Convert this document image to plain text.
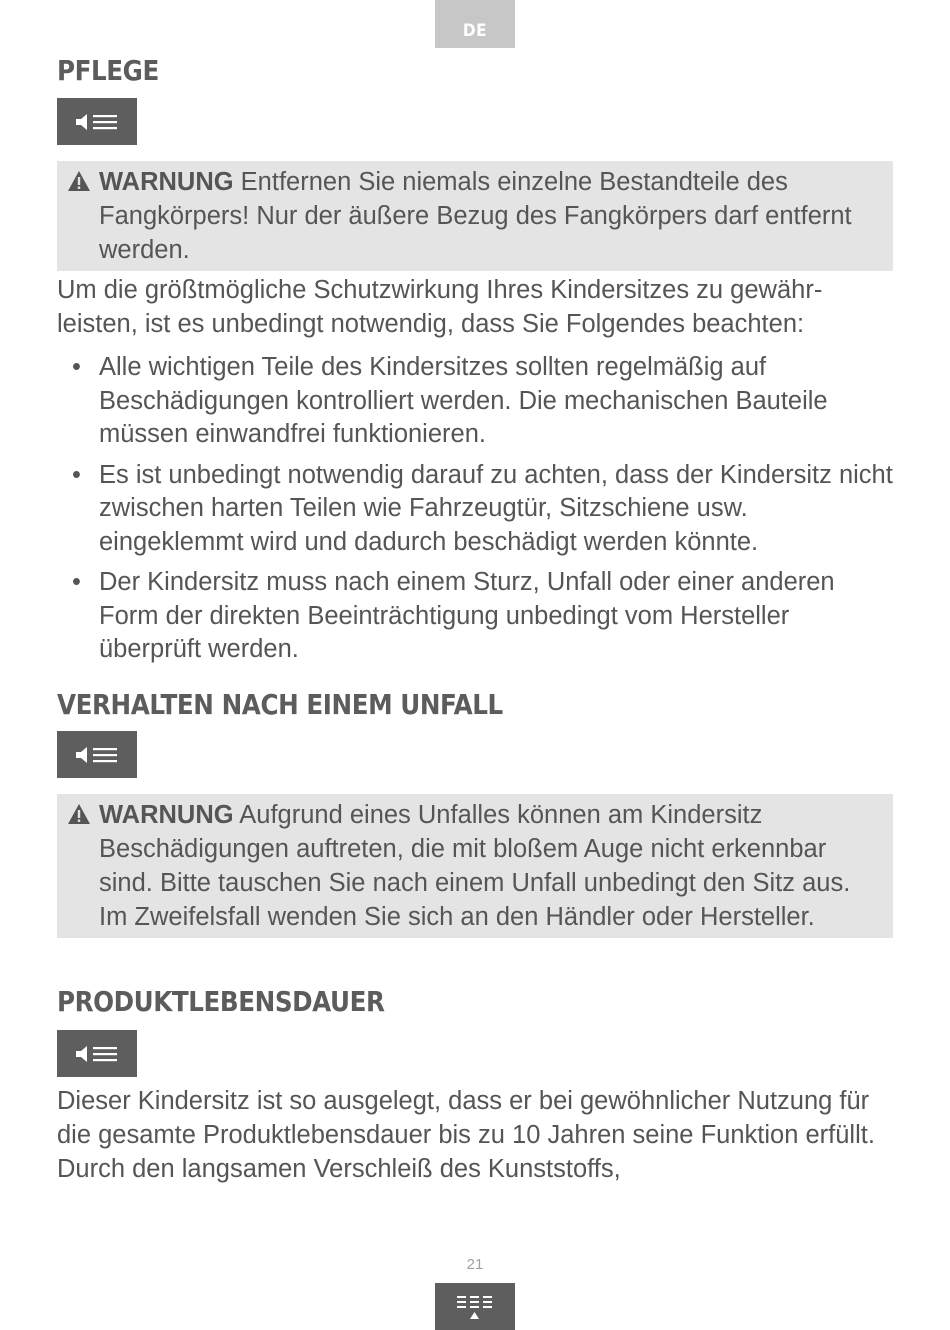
DE
PFLEGE
WARNUNG Entfernen Sie niemals einzelne Bestandteile des Fangkörpers! Nur der äußere Bezug des Fangkörpers darf entfernt werden.

Um die größtmögliche Schutzwirkung Ihres Kindersitzes zu gewähr-leisten, ist es unbedingt notwendig, dass Sie Folgendes beachten:

• Alle wichtigen Teile des Kindersitzes sollten regelmäßig auf Beschädigungen kontrolliert werden. Die mechanischen Bauteile müssen einwandfrei funktionieren.
• Es ist unbedingt notwendig darauf zu achten, dass der Kindersitz nicht zwischen harten Teilen wie Fahrzeugtür, Sitzschiene usw. eingeklemmt wird und dadurch beschädigt werden könnte.
• Der Kindersitz muss nach einem Sturz, Unfall oder einer anderen Form der direkten Beeinträchtigung unbedingt vom Hersteller überprüft werden.
VERHALTEN NACH EINEM UNFALL
WARNUNG Aufgrund eines Unfalles können am Kindersitz Beschädigungen auftreten, die mit bloßem Auge nicht erkennbar sind. Bitte tauschen Sie nach einem Unfall unbedingt den Sitz aus. Im Zweifelsfall wenden Sie sich an den Händler oder Hersteller.
PRODUKTLEBENSDAUER

Dieser Kindersitz ist so ausgelegt, dass er bei gewöhnlicher Nutzung für die gesamte Produktlebensdauer bis zu 10 Jahren seine Funktion erfüllt. Durch den langsamen Verschleiß des Kunststoffs,

21
